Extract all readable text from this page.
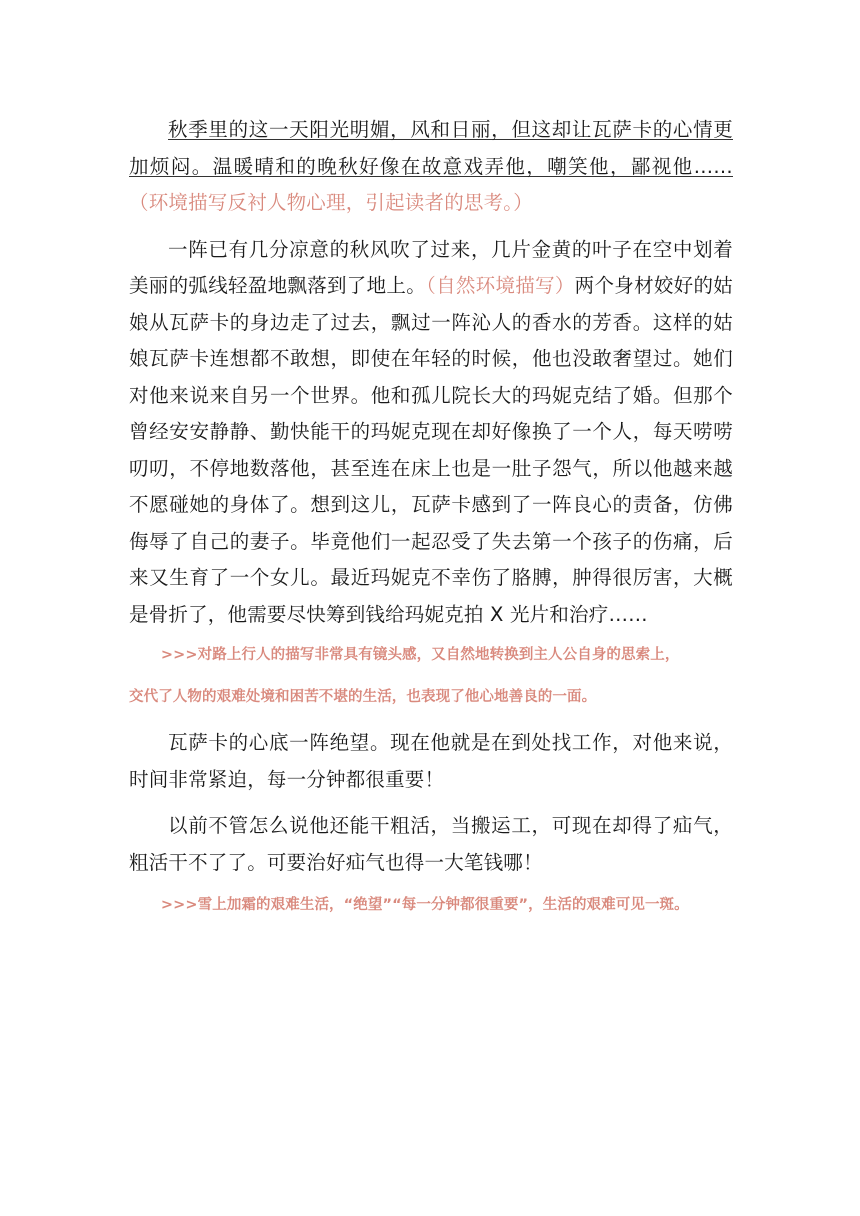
秋季里的这一天阳光明媚，风和日丽，但这却让瓦萨卡的心情更加烦闷。温暖晴和的晚秋好像在故意戏弄他，嘲笑他，鄙视他……（环境描写反衬人物心理，引起读者的思考。）

一阵已有几分凉意的秋风吹了过来，几片金黄的叶子在空中划着美丽的弧线轻盈地飘落到了地上。（自然环境描写）两个身材姣好的姑娘从瓦萨卡的身边走了过去，飘过一阵沁人的香水的芳香。这样的姑娘瓦萨卡连想都不敢想，即使在年轻的时候，他也没敢奢望过。她们对他来说来自另一个世界。他和孤儿院长大的玛妮克结了婚。但那个曾经安安静静、勤快能干的玛妮克现在却好像换了一个人，每天唠唠叨叨，不停地数落他，甚至连在床上也是一肚子怨气，所以他越来越不愿碰她的身体了。想到这儿，瓦萨卡感到了一阵良心的责备，仿佛侮辱了自己的妻子。毕竟他们一起忍受了失去第一个孩子的伤痛，后来又生育了一个女儿。最近玛妮克不幸伤了胳膊，肿得很厉害，大概是骨折了，他需要尽快筹到钱给玛妮克拍 X 光片和治疗……

>>>对路上行人的描写非常具有镜头感，又自然地转换到主人公自身的思索上，

交代了人物的艰难处境和困苦不堪的生活，也表现了他心地善良的一面。

瓦萨卡的心底一阵绝望。现在他就是在到处找工作，对他来说，时间非常紧迫，每一分钟都很重要！

以前不管怎么说他还能干粗活，当搬运工，可现在却得了疝气，粗活干不了了。可要治好疝气也得一大笔钱哪！

>>>雪上加霜的艰难生活，“绝望”“每一分钟都很重要”，生活的艰难可见一斑。
